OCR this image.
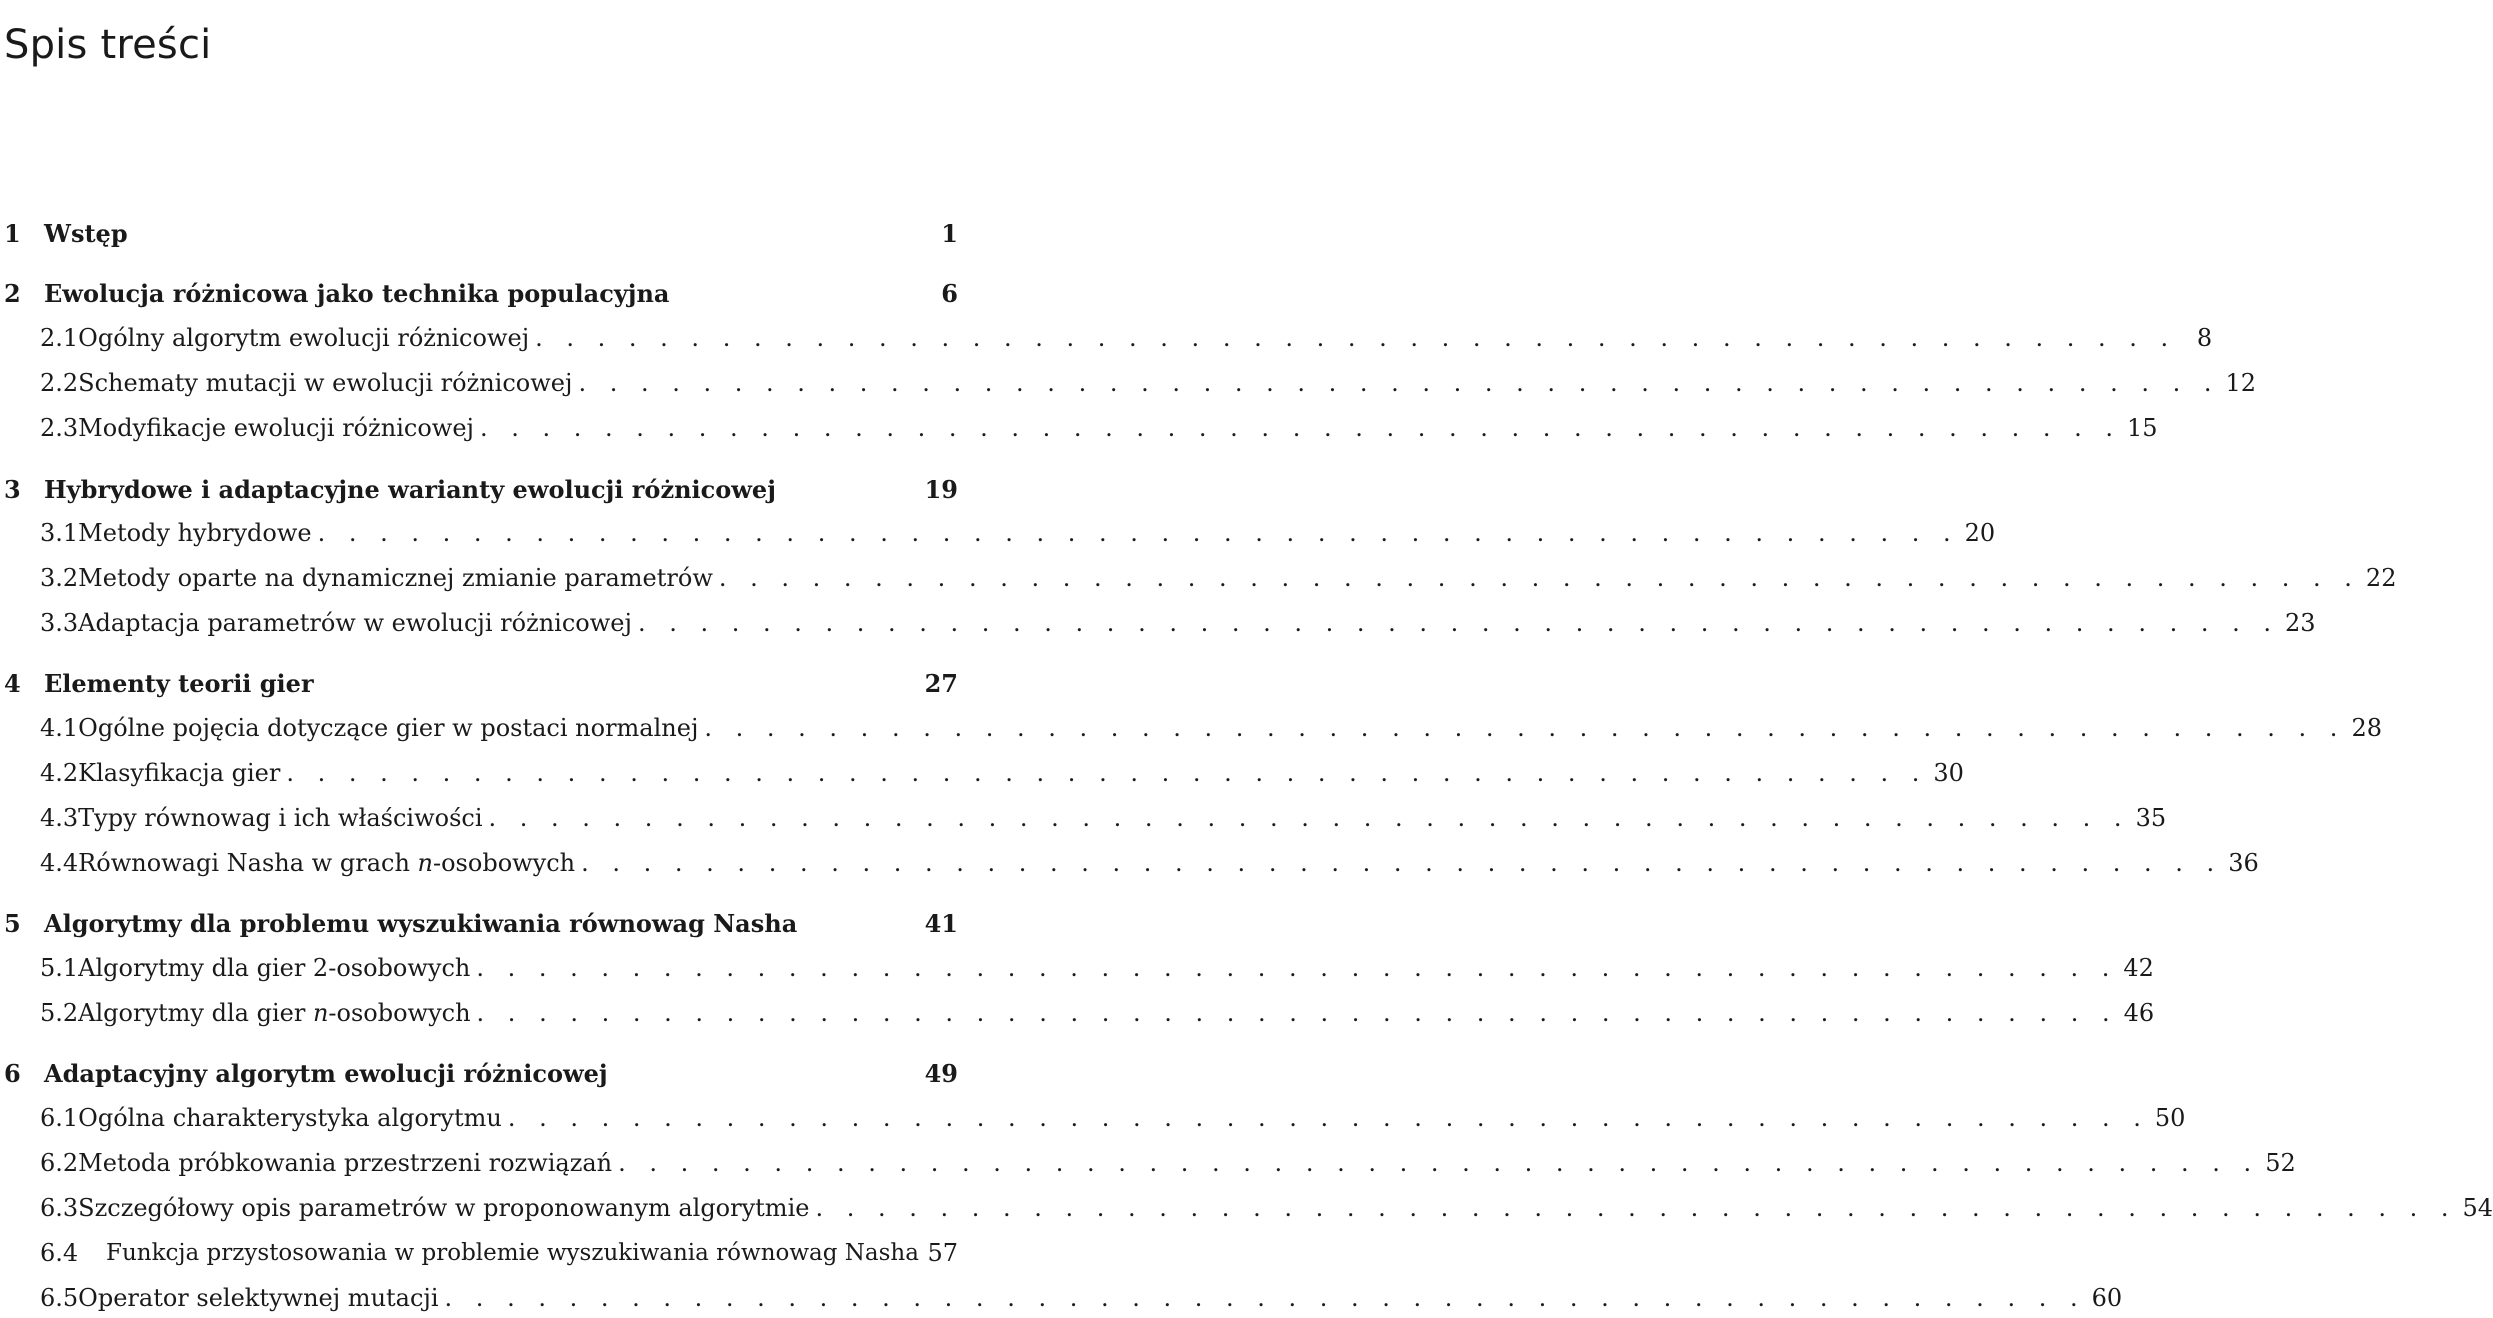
Spis treści
1 Wstęp	1
2 Ewolucja różnicowa jako technika populacyjna	6
2.1 Ogólny algorytm ewolucji różnicowej . . . . . . . . . . . . . . . . . . . . . . . . . . . . . . . . . . . . . . . . . . . . . . . . . . . . . 8
2.2 Schematy mutacji w ewolucji różnicowej . . . . . . . . . . . . . . . . . . . . . . . . . . . . . . . . . . . . . . . . . . . . . . . . . . . . . 12
2.3 Modyfikacje ewolucji różnicowej . . . . . . . . . . . . . . . . . . . . . . . . . . . . . . . . . . . . . . . . . . . . . . . . . . . . . 15
3 Hybrydowe i adaptacyjne warianty ewolucji różnicowej	19
3.1 Metody hybrydowe . . . . . . . . . . . . . . . . . . . . . . . . . . . . . . . . . . . . . . . . . . . . . . . . . . . . . 20
3.2 Metody oparte na dynamicznej zmianie parametrów . . . . . . . . . . . . . . . . . . . . . . . . . . . . . . . . . . . . . . . . . . . . . . . . . . . . . 22
3.3 Adaptacja parametrów w ewolucji różnicowej . . . . . . . . . . . . . . . . . . . . . . . . . . . . . . . . . . . . . . . . . . . . . . . . . . . . . 23
4 Elementy teorii gier	27
4.1 Ogólne pojęcia dotyczące gier w postaci normalnej . . . . . . . . . . . . . . . . . . . . . . . . . . . . . . . . . . . . . . . . . . . . . . . . . . . . . 28
4.2 Klasyfikacja gier . . . . . . . . . . . . . . . . . . . . . . . . . . . . . . . . . . . . . . . . . . . . . . . . . . . . . 30
4.3 Typy równowag i ich właściwości . . . . . . . . . . . . . . . . . . . . . . . . . . . . . . . . . . . . . . . . . . . . . . . . . . . . . 35
4.4 Równowagi Nasha w grach n-osobowych . . . . . . . . . . . . . . . . . . . . . . . . . . . . . . . . . . . . . . . . . . . . . . . . . . . . . 36
5 Algorytmy dla problemu wyszukiwania równowag Nasha	41
5.1 Algorytmy dla gier 2-osobowych . . . . . . . . . . . . . . . . . . . . . . . . . . . . . . . . . . . . . . . . . . . . . . . . . . . . . 42
5.2 Algorytmy dla gier n-osobowych . . . . . . . . . . . . . . . . . . . . . . . . . . . . . . . . . . . . . . . . . . . . . . . . . . . . . 46
6 Adaptacyjny algorytm ewolucji różnicowej	49
6.1 Ogólna charakterystyka algorytmu . . . . . . . . . . . . . . . . . . . . . . . . . . . . . . . . . . . . . . . . . . . . . . . . . . . . . 50
6.2 Metoda próbkowania przestrzeni rozwiązań . . . . . . . . . . . . . . . . . . . . . . . . . . . . . . . . . . . . . . . . . . . . . . . . . . . . . 52
6.3 Szczegółowy opis parametrów w proponowanym algorytmie . . . . . . . . . . . . . . . . . . . . . . . . . . . . . . . . . . . . . . . . . . . . . . . . . . . . . 54
6.4	Funkcja przystosowania w problemie wyszukiwania równowag Nasha 57
6.5 Operator selektywnej mutacji . . . . . . . . . . . . . . . . . . . . . . . . . . . . . . . . . . . . . . . . . . . . . . . . . . . . . 60
